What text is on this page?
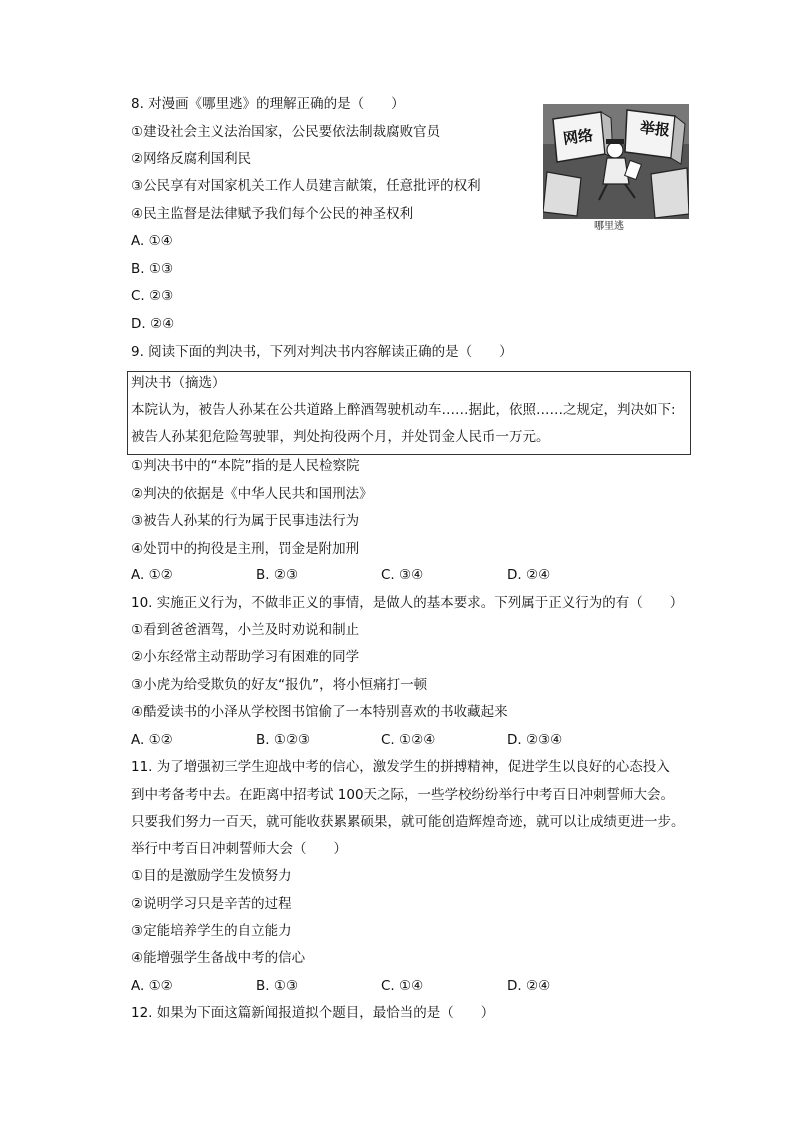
8. 对漫画《哪里逃》的理解正确的是（　　）
①建设社会主义法治国家，公民要依法制裁腐败官员
②网络反腐利国利民
③公民享有对国家机关工作人员建言献策，任意批评的权利
④民主监督是法律赋予我们每个公民的神圣权利
A. ①④
B. ①③
C. ②③
D. ②④
网络	举报
哪里逃
9. 阅读下面的判决书，下列对判决书内容解读正确的是（　　）
判决书（摘选）
本院认为，被告人孙某在公共道路上醉酒驾驶机动车……据此，依照……之规定，判决如下:
被告人孙某犯危险驾驶罪，判处拘役两个月，并处罚金人民币一万元。
①判决书中的“本院”指的是人民检察院
②判决的依据是《中华人民共和国刑法》
③被告人孙某的行为属于民事违法行为
④处罚中的拘役是主刑，罚金是附加刑
A. ①②	B. ②③	C. ③④	D. ②④
10. 实施正义行为，不做非正义的事情，是做人的基本要求。下列属于正义行为的有（　　）
①看到爸爸酒驾，小兰及时劝说和制止
②小东经常主动帮助学习有困难的同学
③小虎为给受欺负的好友“报仇”，将小恒痛打一顿
④酷爱读书的小泽从学校图书馆偷了一本特别喜欢的书收藏起来
A. ①②	B. ①②③	C. ①②④	D. ②③④
11. 为了增强初三学生迎战中考的信心，激发学生的拼搏精神，促进学生以良好的心态投入
到中考备考中去。在距离中招考试 100天之际，一些学校纷纷举行中考百日冲刺誓师大会。
只要我们努力一百天，就可能收获累累硕果，就可能创造辉煌奇迹，就可以让成绩更进一步。
举行中考百日冲刺誓师大会（　　）
①目的是激励学生发愤努力
②说明学习只是辛苦的过程
③定能培养学生的自立能力
④能增强学生备战中考的信心
A. ①②	B. ①③	C. ①④	D. ②④
12. 如果为下面这篇新闻报道拟个题目，最恰当的是（　　）
